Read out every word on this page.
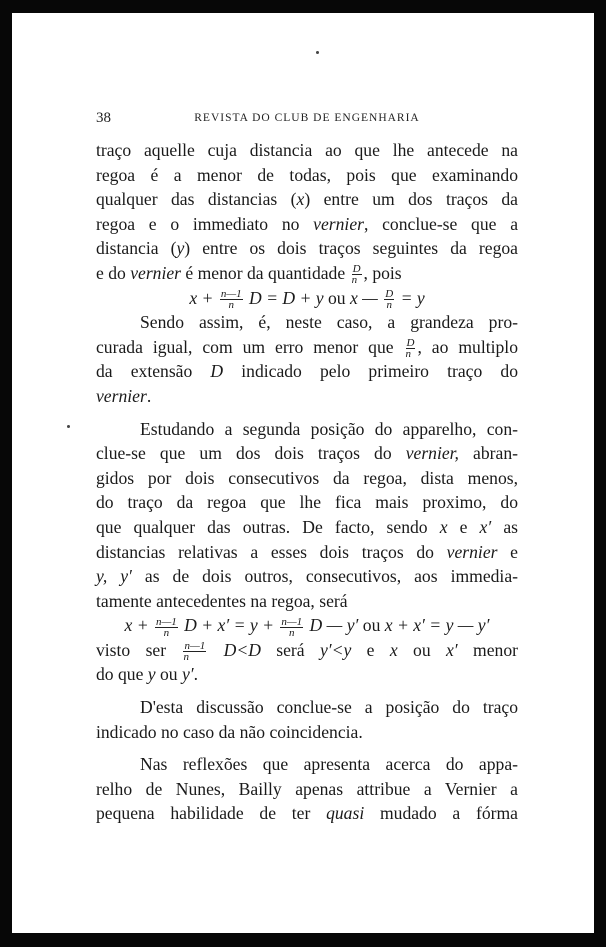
38	REVISTA DO CLUB DE ENGENHARIA
traço aquelle cuja distancia ao que lhe antecede na
regoa é a menor de todas, pois que examinando
qualquer das distancias (x) entre um dos traços da
regoa e o immediato no vernier, conclue-se que a
distancia (y) entre os dois traços seguintes da regoa
e do vernier é menor da quantidade $\frac{D}{n}$ , pois
$x + \frac{n—1}{n}$ D = D + y ou x — $\frac{D}{n} = y$
Sendo assim, é, neste caso, a grandeza pro-
curada igual, com um erro menor que $\frac{D}{n}$ , ao multiplo
da extensão D indicado pelo primeiro traço do
vernier.
Estudando a segunda posição do apparelho, con-
clue-se que um dos dois traços do vernier, abran-
gidos por dois consecutivos da regoa, dista menos,
do traço da regoa que lhe fica mais proximo, do
que qualquer das outras. De facto, sendo x e x′ as
distancias relativas a esses dois traços do vernier e
y, y′ as de dois outros, consecutivos, aos immedia-
tamente antecedentes na regoa, será
$x + \frac{n—1}{n}$ $D + x' = y + \frac{n—1}{n}$ D — y′ ou x + x′ = y — y′
visto ser $\frac{n—1}{n} D<D$ será y′<y e x ou x′ menor
do que y ou y′.
D'esta discussão conclue-se a posição do traço
indicado no caso da não coincidencia.
Nas reflexões que apresenta acerca do appa-
relho de Nunes, Bailly apenas attribue a Vernier a
pequena habilidade de ter quasi mudado a fórma
